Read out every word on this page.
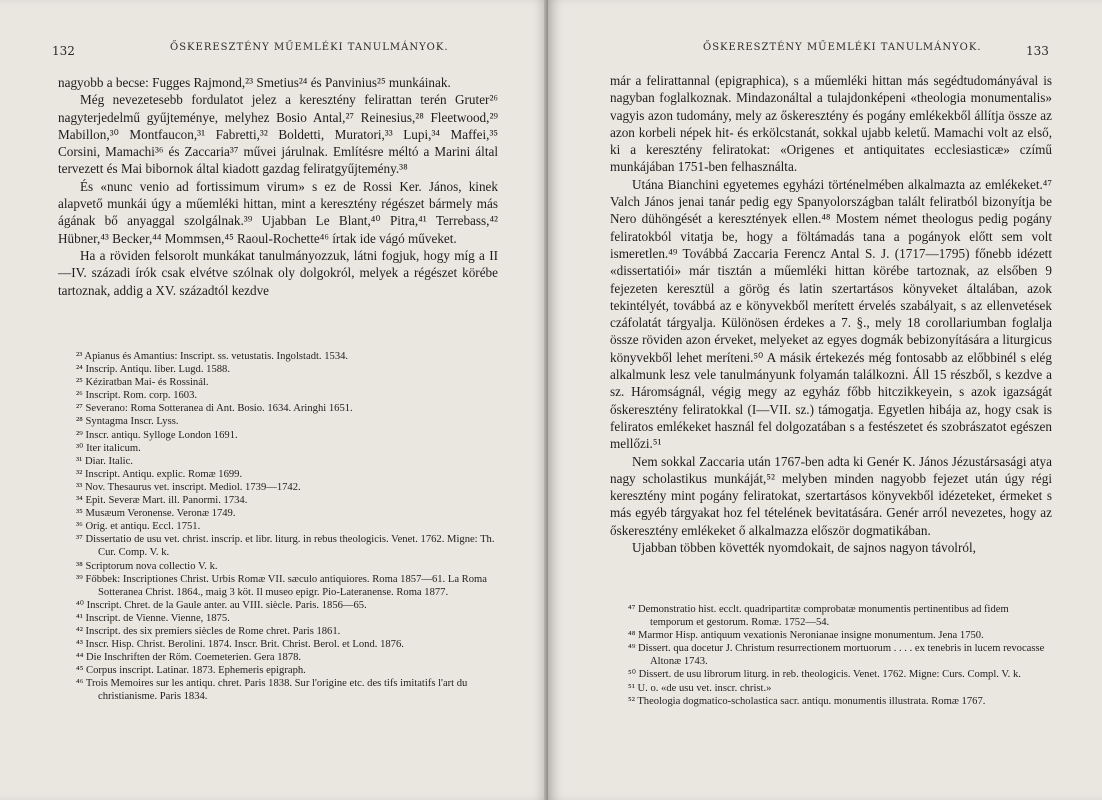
132	ŐSKERESZTÉNY MŰEMLÉKI TANULMÁNYOK.

nagyobb a becse: Fugges Rajmond,²³ Smetius²⁴ és Panvinius²⁵ munkáinak.

Még nevezetesebb fordulatot jelez a keresztény felirattan terén Gruter²⁶ nagyterjedelmű gyűjteménye, melyhez Bosio Antal,²⁷ Reinesius,²⁸ Fleetwood,²⁹ Mabillon,³⁰ Montfaucon,³¹ Fabretti,³² Boldetti, Muratori,³³ Lupi,³⁴ Maffei,³⁵ Corsini, Mamachi³⁶ és Zaccaria³⁷ művei járulnak. Említésre méltó a Marini által tervezett és Mai bibornok által kiadott gazdag feliratgyűjtemény.³⁸

És «nunc venio ad fortissimum virum» s ez de Rossi Ker. János, kinek alapvető munkái úgy a műemléki hittan, mint a keresztény régészet bármely más ágának bő anyaggal szolgálnak.³⁹ Ujabban Le Blant,⁴⁰ Pitra,⁴¹ Terrebass,⁴² Hübner,⁴³ Becker,⁴⁴ Mommsen,⁴⁵ Raoul-Rochette⁴⁶ írtak ide vágó műveket.

Ha a röviden felsorolt munkákat tanulmányozzuk, látni fogjuk, hogy míg a II—IV. századi írók csak elvétve szólnak oly dolgokról, melyek a régészet körébe tartoznak, addig a XV. századtól kezdve

²³ Apianus és Amantius: Inscript. ss. vetustatis. Ingolstadt. 1534.
²⁴ Inscrip. Antiqu. liber. Lugd. 1588.
²⁵ Kéziratban Mai- és Rossinál.
²⁶ Inscript. Rom. corp. 1603.
²⁷ Severano: Roma Sotteranea di Ant. Bosio. 1634. Aringhi 1651.
²⁸ Syntagma Inscr. Lyss.
²⁹ Inscr. antiqu. Sylloge London 1691.
³⁰ Iter italicum.
³¹ Diar. Italic.
³² Inscript. Antiqu. explic. Romæ 1699.
³³ Nov. Thesaurus vet. inscript. Mediol. 1739—1742.
³⁴ Epit. Severæ Mart. ill. Panormi. 1734.
³⁵ Musæum Veronense. Veronæ 1749.
³⁶ Orig. et antiqu. Eccl. 1751.
³⁷ Dissertatio de usu vet. christ. inscrip. et libr. liturg. in rebus theologicis. Venet. 1762. Migne: Th. Cur. Comp. V. k.
³⁸ Scriptorum nova collectio V. k.
³⁹ Főbbek: Inscriptiones Christ. Urbis Romæ VII. sæculo antiquiores. Roma 1857—61. La Roma Sotteranea Christ. 1864., maig 3 köt. Il museo epigr. Pio-Lateranense. Roma 1877.
⁴⁰ Inscript. Chret. de la Gaule anter. au VIII. siècle. Paris. 1856—65.
⁴¹ Inscript. de Vienne. Vienne, 1875.
⁴² Inscript. des six premiers siècles de Rome chret. Paris 1861.
⁴³ Inscr. Hisp. Christ. Berolini. 1874. Inscr. Brit. Christ. Berol. et Lond. 1876.
⁴⁴ Die Inschriften der Röm. Coemeterien. Gera 1878.
⁴⁵ Corpus inscript. Latinar. 1873. Ephemeris epigraph.
⁴⁶ Trois Memoires sur les antiqu. chret. Paris 1838. Sur l'origine etc. des tifs imitatifs l'art du christianisme. Paris 1834.
ŐSKERESZTÉNY MŰEMLÉKI TANULMÁNYOK.	133

már a felirattannal (epigraphica), s a műemléki hittan más segédtudományával is nagyban foglalkoznak. Mindazonáltal a tulajdonképeni «theologia monumentalis» vagyis azon tudomány, mely az őskeresztény és pogány emlékekből állítja össze az azon korbeli népek hit- és erkölcstanát, sokkal ujabb keletű. Mamachi volt az első, ki a keresztény feliratokat: «Origenes et antiquitates ecclesiasticæ» czímű munkájában 1751-ben felhasználta.

Utána Bianchini egyetemes egyházi történelmében alkalmazta az emlékeket.⁴⁷ Valch János jenai tanár pedig egy Spanyolországban talált feliratból bizonyítja be Nero dühöngését a keresztények ellen.⁴⁸ Mostem német theologus pedig pogány feliratokból vitatja be, hogy a föltámadás tana a pogányok előtt sem volt ismeretlen.⁴⁹ Továbbá Zaccaria Ferencz Antal S. J. (1717—1795) főnebb idézett «dissertatiói» már tisztán a műemléki hittan körébe tartoznak, az elsőben 9 fejezeten keresztül a görög és latin szertartásos könyveket általában, azok tekintélyét, továbbá az e könyvekből merített érvelés szabályait, s az ellenvetések czáfolatát tárgyalja. Különösen érdekes a 7. §., mely 18 corollariumban foglalja össze röviden azon érveket, melyeket az egyes dogmák bebizonyítására a liturgicus könyvekből lehet meríteni.⁵⁰ A másik értekezés még fontosabb az előbbinél s elég alkalmunk lesz vele tanulmányunk folyamán találkozni. Áll 15 részből, s kezdve a sz. Háromságnál, végig megy az egyház főbb hitczikkeyein, s azok igazságát őskeresztény feliratokkal (I—VII. sz.) támogatja. Egyetlen hibája az, hogy csak is feliratos emlékeket használ fel dolgozatában s a festészetet és szobrászatot egészen mellőzi.⁵¹

Nem sokkal Zaccaria után 1767-ben adta ki Genér K. János Jézustársasági atya nagy scholastikus munkáját,⁵² melyben minden nagyobb fejezet után úgy régi keresztény mint pogány feliratokat, szertartásos könyvekből idézeteket, érmeket s más egyéb tárgyakat hoz fel tételének bevitatására. Genér arról nevezetes, hogy az őskeresztény emlékeket ő alkalmazza először dogmatikában.

Ujabban többen követték nyomdokait, de sajnos nagyon távolról,

⁴⁷ Demonstratio hist. ecclt. quadripartitæ comprobatæ monumentis pertinentibus ad fidem temporum et gestorum. Romæ. 1752—54.
⁴⁸ Marmor Hisp. antiquum vexationis Neronianae insigne monumentum. Jena 1750.
⁴⁹ Dissert. qua docetur J. Christum resurrectionem mortuorum . . . . ex tenebris in lucem revocasse Altonæ 1743.
⁵⁰ Dissert. de usu librorum liturg. in reb. theologicis. Venet. 1762. Migne: Curs. Compl. V. k.
⁵¹ U. o. «de usu vet. inscr. christ.»
⁵² Theologia dogmatico-scholastica sacr. antiqu. monumentis illustrata. Romæ 1767.
